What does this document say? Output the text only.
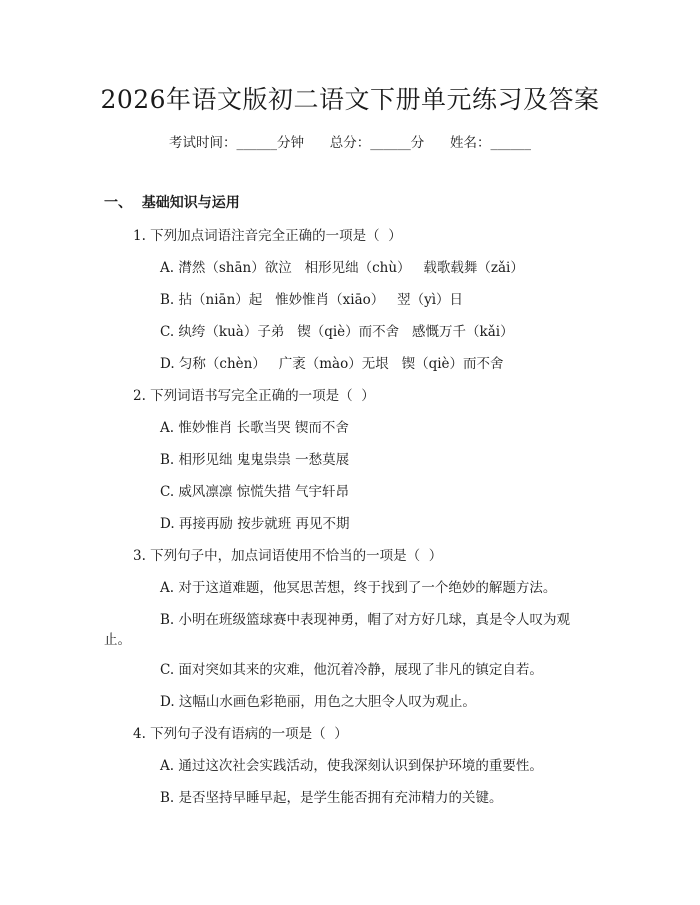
2026年语文版初二语文下册单元练习及答案
考试时间：______分钟      总分：______分      姓名：______
一、  基础知识与运用
1. 下列加点词语注音完全正确的一项是（  ）
A. 潸然（shān）欲泣   相形见绌（chù）   载歌载舞（zǎi）
B. 拈（niān）起   惟妙惟肖（xiāo）   翌（yì）日
C. 纨绔（kuà）子弟   锲（qiè）而不舍   感慨万千（kǎi）
D. 匀称（chèn）   广袤（mào）无垠   锲（qiè）而不舍
2. 下列词语书写完全正确的一项是（  ）
A. 惟妙惟肖 长歌当哭 锲而不舍
B. 相形见绌 鬼鬼祟祟 一愁莫展
C. 威风凛凛 惊慌失措 气宇轩昂
D. 再接再励 按步就班 再见不期
3. 下列句子中，加点词语使用不恰当的一项是（  ）
A. 对于这道难题，他冥思苦想，终于找到了一个绝妙的解题方法。
B. 小明在班级篮球赛中表现神勇，帽了对方好几球，真是令人叹为观
止。
C. 面对突如其来的灾难，他沉着冷静，展现了非凡的镇定自若。
D. 这幅山水画色彩艳丽，用色之大胆令人叹为观止。
4. 下列句子没有语病的一项是（  ）
A. 通过这次社会实践活动，使我深刻认识到保护环境的重要性。
B. 是否坚持早睡早起，是学生能否拥有充沛精力的关键。
